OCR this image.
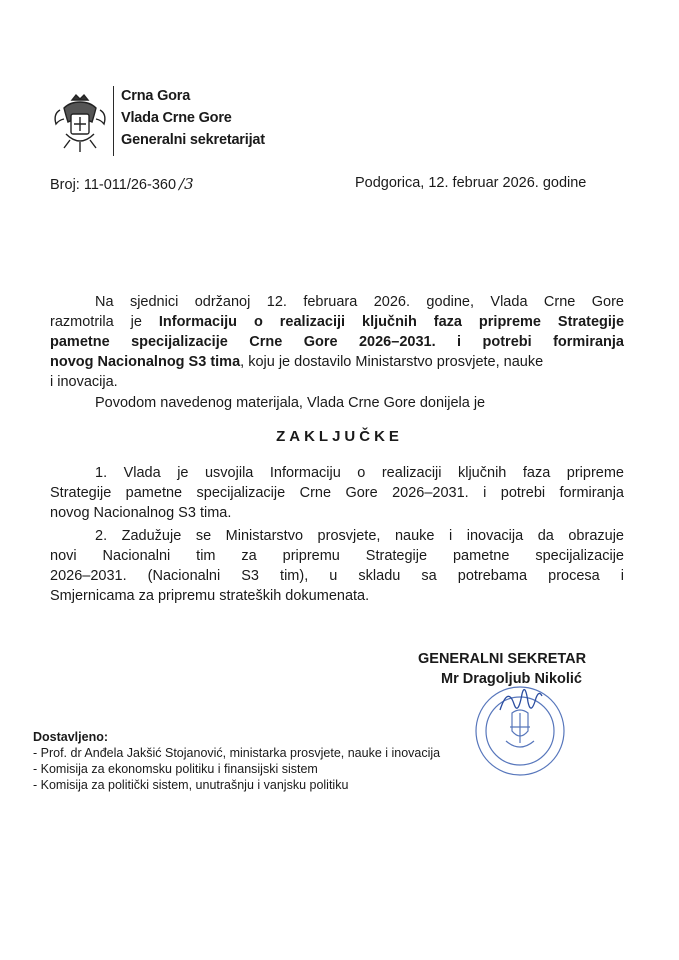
Crna Gora
Vlada Crne Gore
Generalni sekretarijat
Broj: 11-011/26-360 /3	Podgorica, 12. februar 2026. godine
Na sjednici održanoj 12. februara 2026. godine, Vlada Crne Gore
razmotrila je Informaciju o realizaciji ključnih faza pripreme Strategije
pametne specijalizacije Crne Gore 2026–2031. i potrebi formiranja
novog Nacionalnog S3 tima, koju je dostavilo Ministarstvo prosvjete, nauke
i inovacija.
Povodom navedenog materijala, Vlada Crne Gore donijela je
ZAKLJUČKE
1. Vlada je usvojila Informaciju o realizaciji ključnih faza pripreme
Strategije pametne specijalizacije Crne Gore 2026–2031. i potrebi formiranja
novog Nacionalnog S3 tima.
2. Zadužuje se Ministarstvo prosvjete, nauke i inovacija da obrazuje
novi Nacionalni tim za pripremu Strategije pametne specijalizacije
2026–2031. (Nacionalni S3 tim), u skladu sa potrebama procesa i
Smjernicama za pripremu strateških dokumenata.
GENERALNI SEKRETAR
Mr Dragoljub Nikolić
Dostavljeno:
- Prof. dr Anđela Jakšić Stojanović, ministarka prosvjete, nauke i inovacija
- Komisija za ekonomsku politiku i finansijski sistem
- Komisija za politički sistem, unutrašnju i vanjsku politiku
